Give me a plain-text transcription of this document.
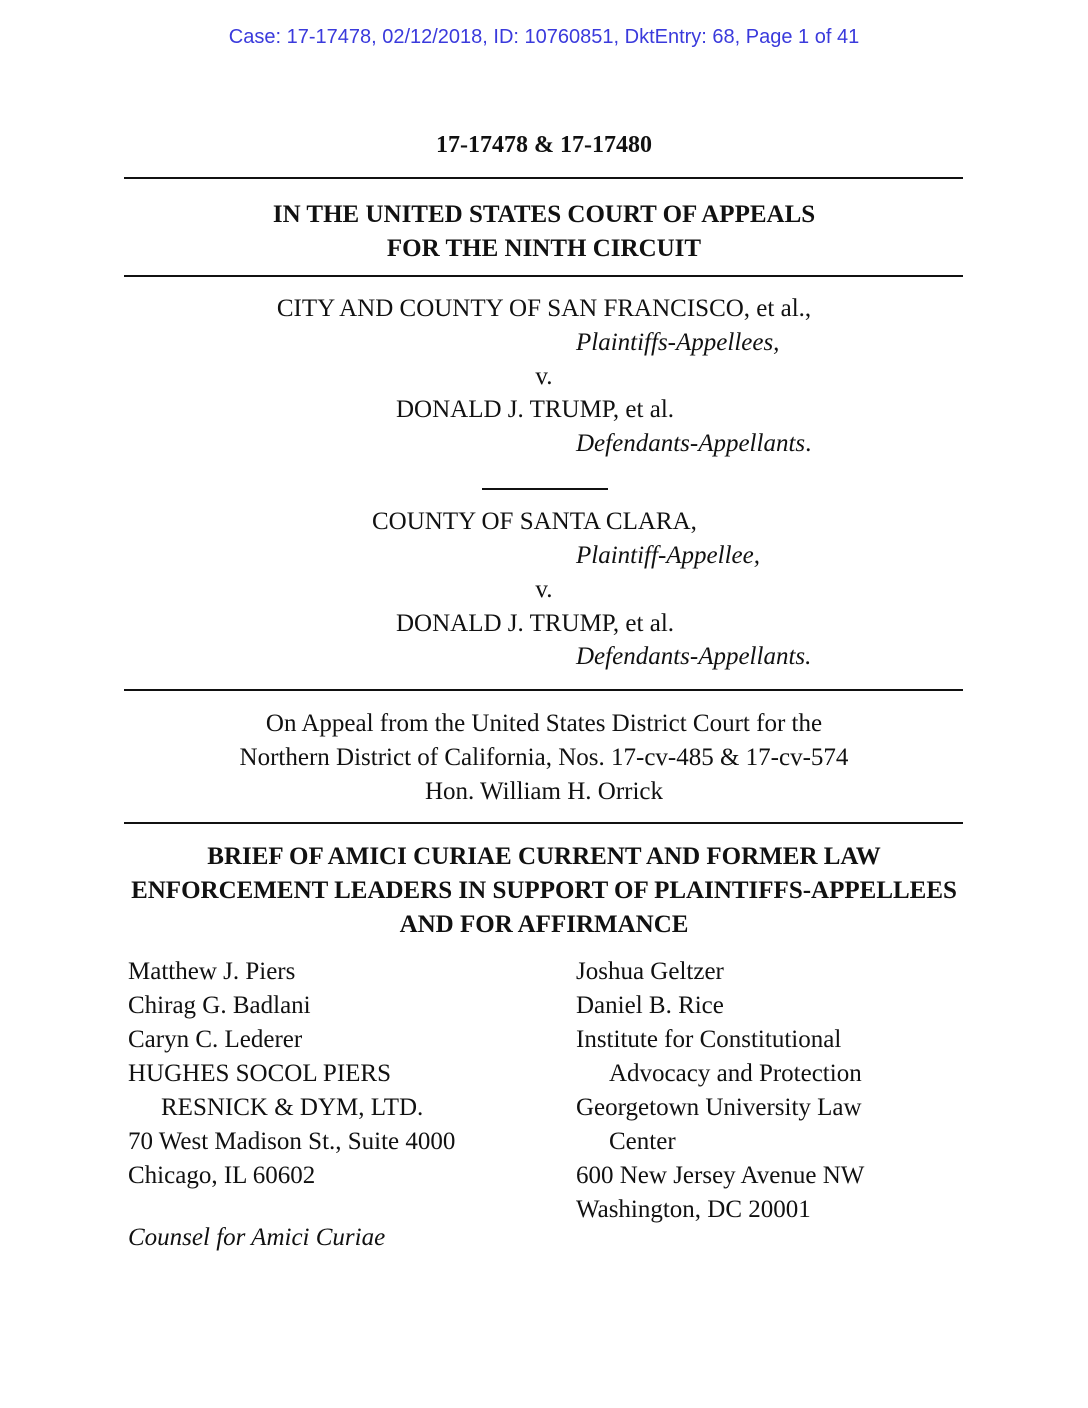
Case: 17-17478, 02/12/2018, ID: 10760851, DktEntry: 68, Page 1 of 41
17-17478 & 17-17480
IN THE UNITED STATES COURT OF APPEALS
FOR THE NINTH CIRCUIT
CITY AND COUNTY OF SAN FRANCISCO, et al.,
Plaintiffs-Appellees,
v.
DONALD J. TRUMP, et al.
Defendants-Appellants.
COUNTY OF SANTA CLARA,
Plaintiff-Appellee,
v.
DONALD J. TRUMP, et al.
Defendants-Appellants.
On Appeal from the United States District Court for the
Northern District of California, Nos. 17-cv-485 & 17-cv-574
Hon. William H. Orrick
BRIEF OF AMICI CURIAE CURRENT AND FORMER LAW
ENFORCEMENT LEADERS IN SUPPORT OF PLAINTIFFS-APPELLEES
AND FOR AFFIRMANCE
Matthew J. Piers
Chirag G. Badlani
Caryn C. Lederer
HUGHES SOCOL PIERS
RESNICK & DYM, LTD.
70 West Madison St., Suite 4000
Chicago, IL 60602
Joshua Geltzer
Daniel B. Rice
Institute for Constitutional
Advocacy and Protection
Georgetown University Law
Center
600 New Jersey Avenue NW
Washington, DC 20001
Counsel for Amici Curiae
